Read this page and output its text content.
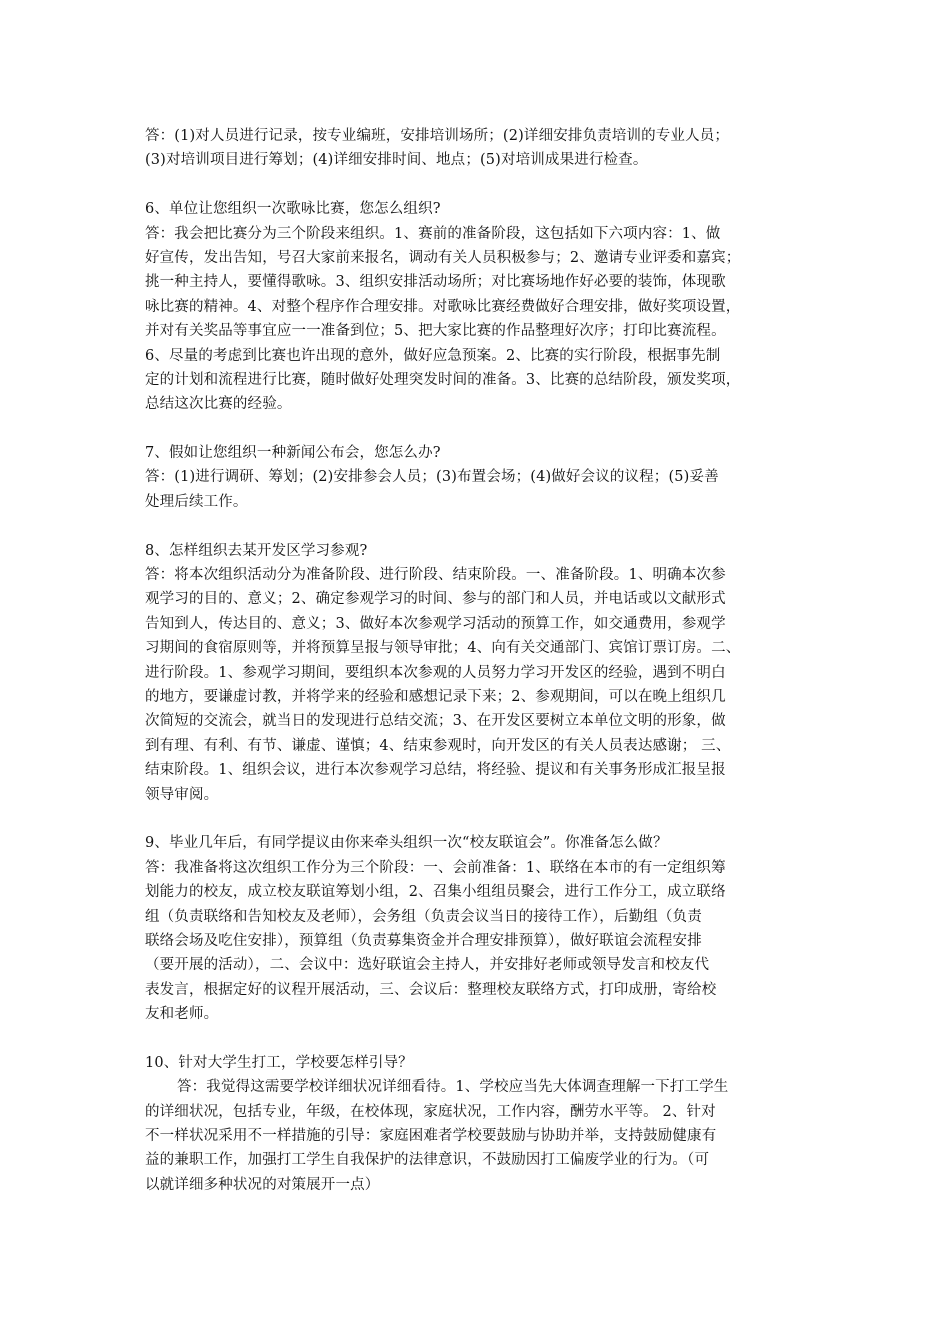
答：(1)对人员进行记录，按专业编班，安排培训场所；(2)详细安排负责培训的专业人员；
(3)对培训项目进行筹划；(4)详细安排时间、地点；(5)对培训成果进行检查。
6、单位让您组织一次歌咏比赛，您怎么组织?
答：我会把比赛分为三个阶段来组织。1、赛前的准备阶段，这包括如下六项内容：1、做
好宣传，发出告知，号召大家前来报名，调动有关人员积极参与；2、邀请专业评委和嘉宾；
挑一种主持人，要懂得歌咏。3、组织安排活动场所；对比赛场地作好必要的装饰，体现歌
咏比赛的精神。4、对整个程序作合理安排。对歌咏比赛经费做好合理安排，做好奖项设置，
并对有关奖品等事宜应一一准备到位；5、把大家比赛的作品整理好次序；打印比赛流程。
6、尽量的考虑到比赛也许出现的意外，做好应急预案。2、比赛的实行阶段，根据事先制
定的计划和流程进行比赛，随时做好处理突发时间的准备。3、比赛的总结阶段，颁发奖项，
总结这次比赛的经验。
7、假如让您组织一种新闻公布会，您怎么办?
答：(1)进行调研、筹划；(2)安排参会人员；(3)布置会场；(4)做好会议的议程；(5)妥善
处理后续工作。
8、怎样组织去某开发区学习参观?
答：将本次组织活动分为准备阶段、进行阶段、结束阶段。一、准备阶段。1、明确本次参
观学习的目的、意义；2、确定参观学习的时间、参与的部门和人员，并电话或以文献形式
告知到人，传达目的、意义；3、做好本次参观学习活动的预算工作，如交通费用，参观学
习期间的食宿原则等，并将预算呈报与领导审批；4、向有关交通部门、宾馆订票订房。二、
进行阶段。1、参观学习期间，要组织本次参观的人员努力学习开发区的经验，遇到不明白
的地方，要谦虚讨教，并将学来的经验和感想记录下来；2、参观期间，可以在晚上组织几
次简短的交流会，就当日的发现进行总结交流；3、在开发区要树立本单位文明的形象，做
到有理、有利、有节、谦虚、谨慎；4、结束参观时，向开发区的有关人员表达感谢； 三、
结束阶段。1、组织会议，进行本次参观学习总结，将经验、提议和有关事务形成汇报呈报
领导审阅。
9、毕业几年后，有同学提议由你来牵头组织一次“校友联谊会”。你准备怎么做？
答：我准备将这次组织工作分为三个阶段：一、会前准备：1、联络在本市的有一定组织筹
划能力的校友，成立校友联谊筹划小组，2、召集小组组员聚会，进行工作分工，成立联络
组（负责联络和告知校友及老师），会务组（负责会议当日的接待工作），后勤组（负责
联络会场及吃住安排），预算组（负责募集资金并合理安排预算），做好联谊会流程安排
（要开展的活动），二、会议中：选好联谊会主持人，并安排好老师或领导发言和校友代
表发言，根据定好的议程开展活动，三、会议后：整理校友联络方式，打印成册，寄给校
友和老师。
10、针对大学生打工，学校要怎样引导？
答：我觉得这需要学校详细状况详细看待。1、学校应当先大体调查理解一下打工学生
的详细状况，包括专业，年级，在校体现，家庭状况，工作内容，酬劳水平等。 2、针对
不一样状况采用不一样措施的引导：家庭困难者学校要鼓励与协助并举，支持鼓励健康有
益的兼职工作，加强打工学生自我保护的法律意识，不鼓励因打工偏废学业的行为。（可
以就详细多种状况的对策展开一点）
